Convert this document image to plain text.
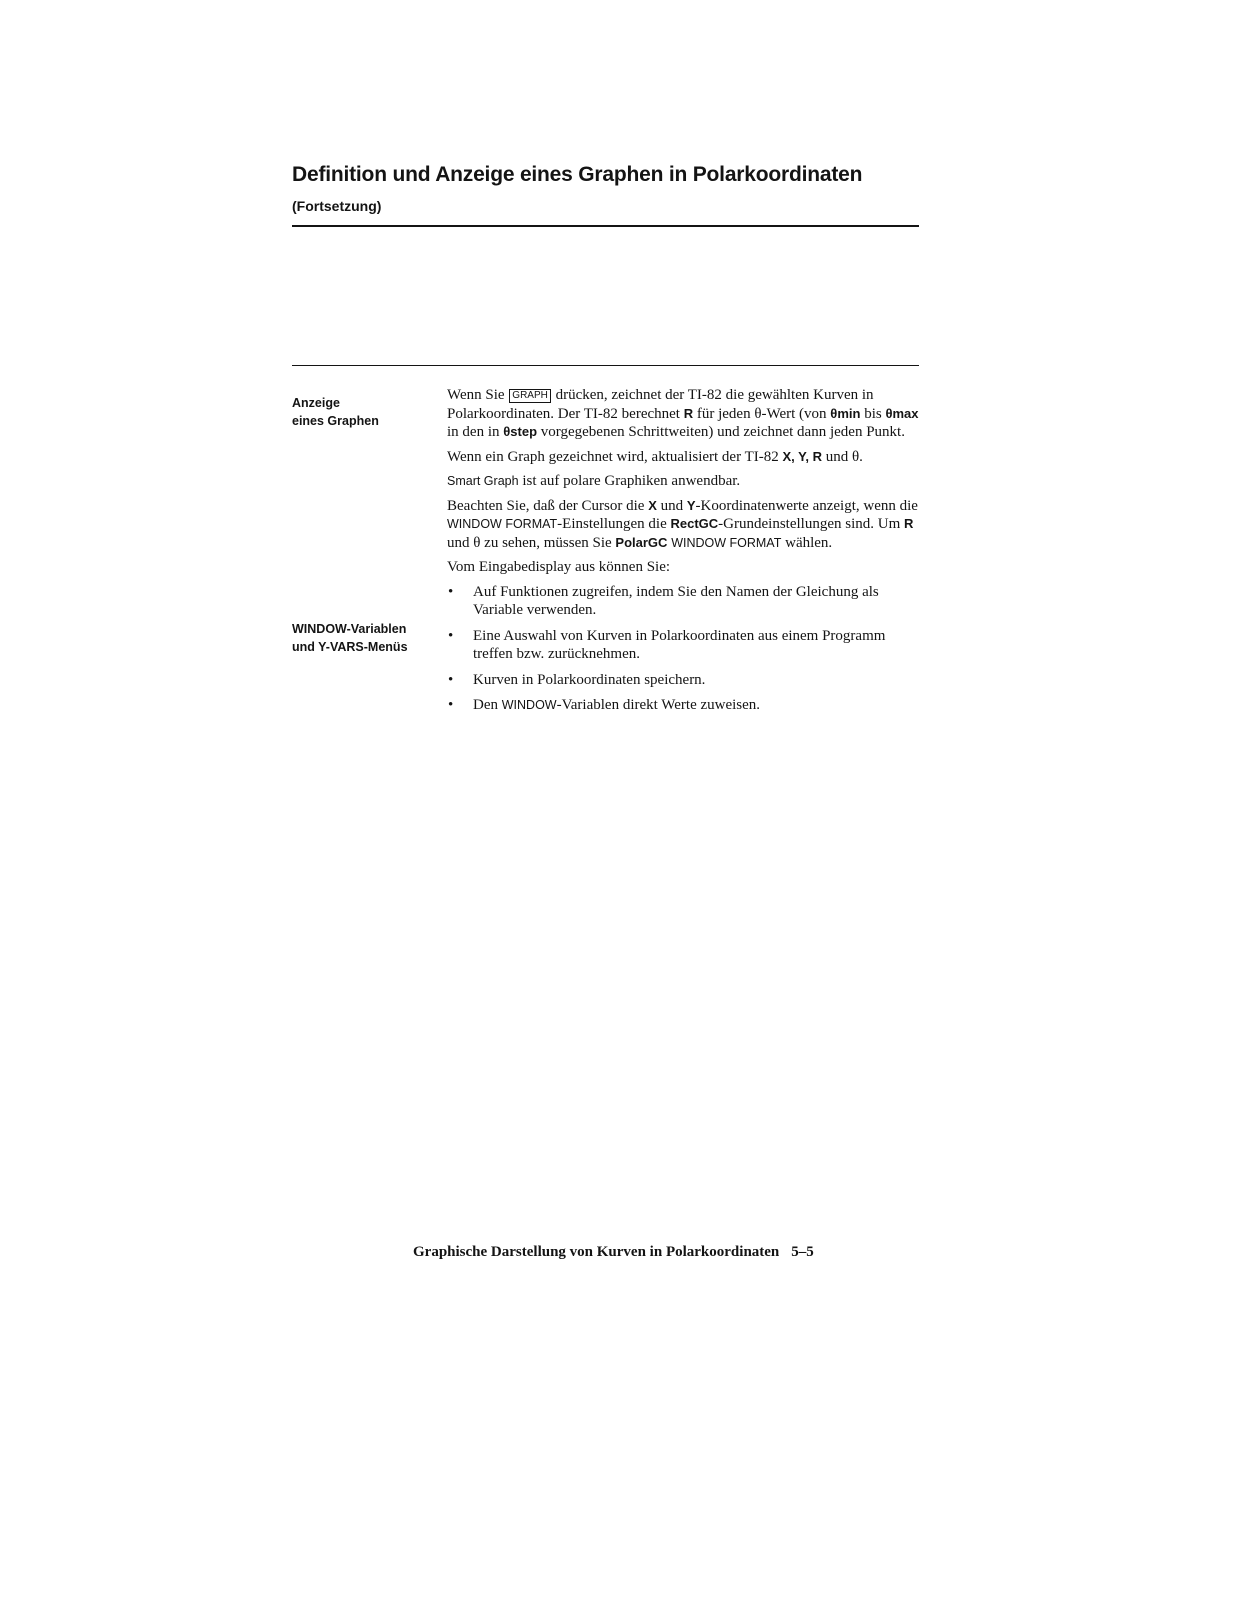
Definition und Anzeige eines Graphen in Polarkoordinaten
(Fortsetzung)
Anzeige
eines Graphen
WINDOW-Variablen
und Y-VARS-Menüs

Wenn Sie GRAPH drücken, zeichnet der TI-82 die gewählten Kurven in Polarkoordinaten. Der TI-82 berechnet R für jeden θ-Wert (von θmin bis θmax in den in θstep vorgegebenen Schrittweiten) und zeichnet dann jeden Punkt.

Wenn ein Graph gezeichnet wird, aktualisiert der TI-82 X, Y, R und θ.

Smart Graph ist auf polare Graphiken anwendbar.

Beachten Sie, daß der Cursor die X und Y-Koordinatenwerte anzeigt, wenn die WINDOW FORMAT-Einstellungen die RectGC-Grundeinstellungen sind. Um R und θ zu sehen, müssen Sie PolarGC WINDOW FORMAT wählen.

Vom Eingabedisplay aus können Sie:

• Auf Funktionen zugreifen, indem Sie den Namen der Gleichung als Variable verwenden.
• Eine Auswahl von Kurven in Polarkoordinaten aus einem Programm treffen bzw. zurücknehmen.
• Kurven in Polarkoordinaten speichern.
• Den WINDOW-Variablen direkt Werte zuweisen.
Graphische Darstellung von Kurven in Polarkoordinaten 5–5
